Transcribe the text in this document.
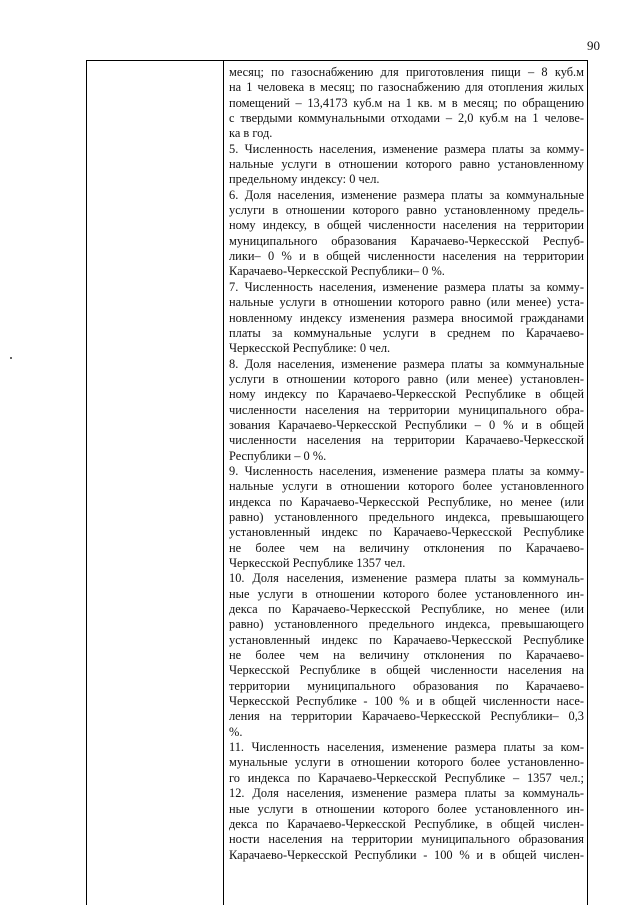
90
месяц; по газоснабжению для приготовления пищи – 8 куб.м
на 1 человека в месяц; по газоснабжению для отопления жилых
помещений – 13,4173 куб.м на 1 кв. м в месяц; по обращению
с твердыми коммунальными отходами – 2,0 куб.м на 1 челове-
ка в год.
5. Численность населения, изменение размера платы за комму-
нальные услуги в отношении которого равно установленному
предельному индексу: 0 чел.
6. Доля населения, изменение размера платы за коммунальные
услуги в отношении которого равно установленному предель-
ному индексу, в общей численности населения на территории
муниципального образования Карачаево-Черкесской Респуб-
лики– 0 % и в общей численности населения на территории
Карачаево-Черкесской Республики– 0 %.
7. Численность населения, изменение размера платы за комму-
нальные услуги в отношении которого равно (или менее) уста-
новленному индексу изменения размера вносимой гражданами
платы за коммунальные услуги в среднем по Карачаево-
Черкесской Республике: 0 чел.
8. Доля населения, изменение размера платы за коммунальные
услуги в отношении которого равно (или менее) установлен-
ному индексу по Карачаево-Черкесской Республике в общей
численности населения на территории муниципального обра-
зования Карачаево-Черкесской Республики – 0 % и в общей
численности населения на территории Карачаево-Черкесской
Республики – 0 %.
9. Численность населения, изменение размера платы за комму-
нальные услуги в отношении которого более установленного
индекса по Карачаево-Черкесской Республике, но менее (или
равно) установленного предельного индекса, превышающего
установленный индекс по Карачаево-Черкесской Республике
не более чем на величину отклонения по Карачаево-
Черкесской Республике 1357 чел.
10. Доля населения, изменение размера платы за коммуналь-
ные услуги в отношении которого более установленного ин-
декса по Карачаево-Черкесской Республике, но менее (или
равно) установленного предельного индекса, превышающего
установленный индекс по Карачаево-Черкесской Республике
не более чем на величину отклонения по Карачаево-
Черкесской Республике в общей численности населения на
территории муниципального образования по Карачаево-
Черкесской Республике - 100 % и в общей численности насе-
ления на территории Карачаево-Черкесской Республики– 0,3
%.
11. Численность населения, изменение размера платы за ком-
мунальные услуги в отношении которого более установленно-
го индекса по Карачаево-Черкесской Республике – 1357 чел.;
12. Доля населения, изменение размера платы за коммуналь-
ные услуги в отношении которого более установленного ин-
декса по Карачаево-Черкесской Республике, в общей числен-
ности населения на территории муниципального образования
Карачаево-Черкесской Республики - 100 % и в общей числен-
